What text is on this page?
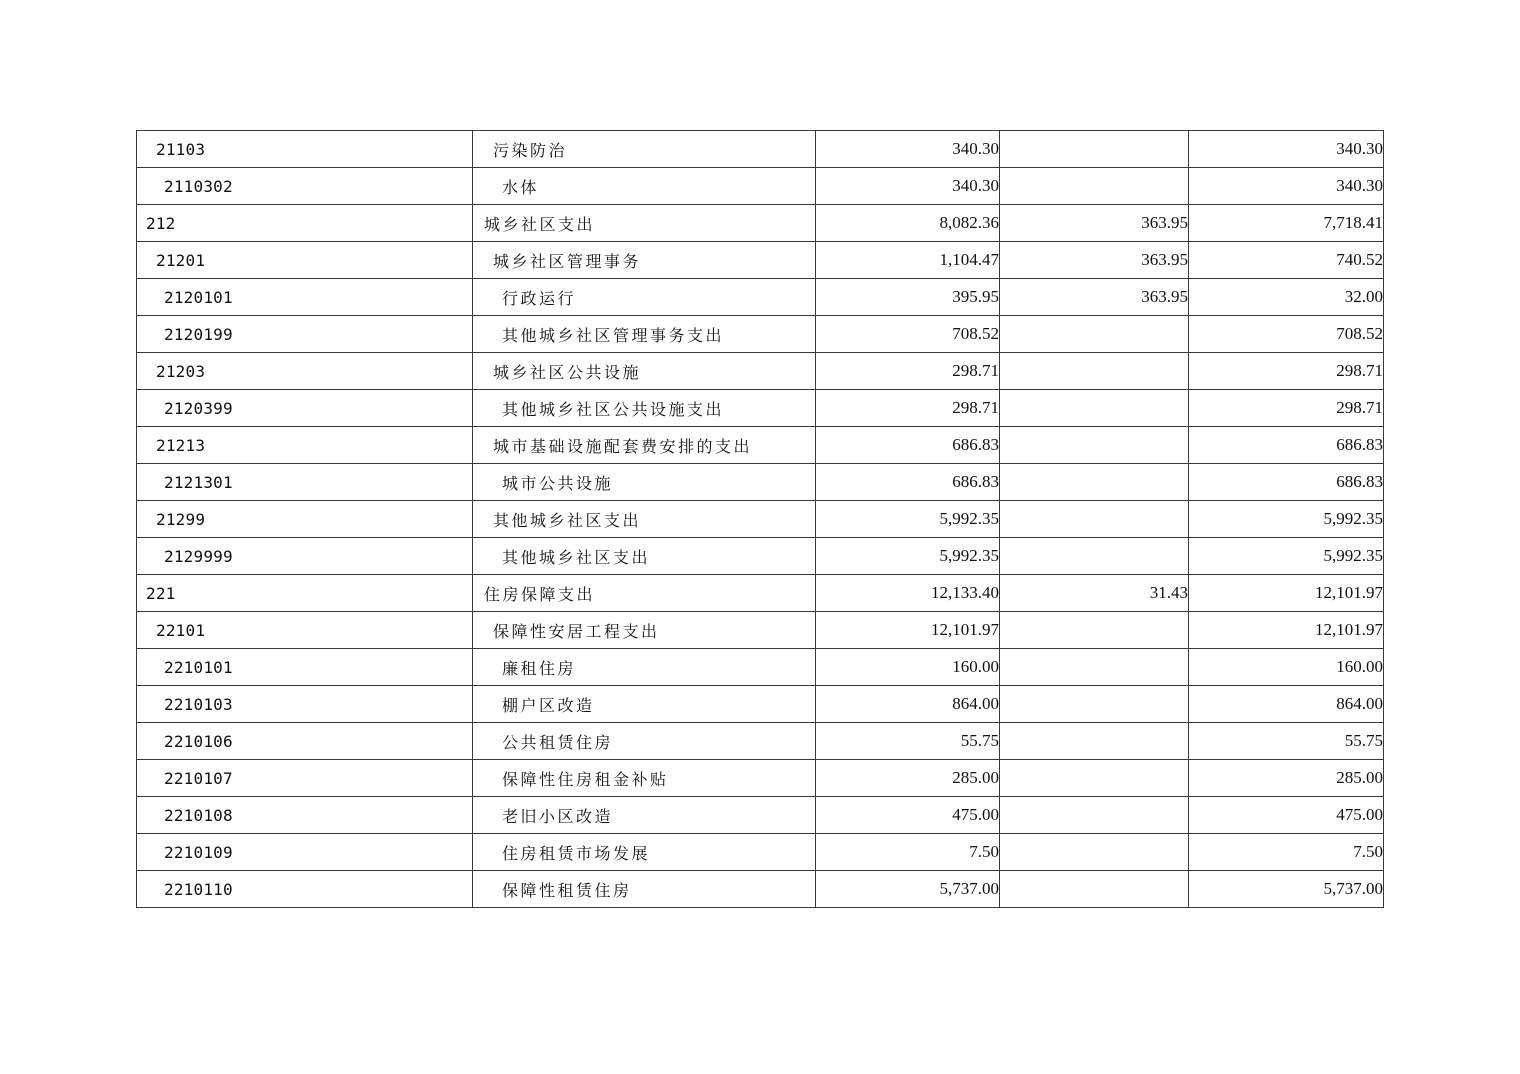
21103	污染防治	340.30		340.30
2110302	水体	340.30		340.30
212	城乡社区支出	8,082.36	363.95	7,718.41
21201	城乡社区管理事务	1,104.47	363.95	740.52
2120101	行政运行	395.95	363.95	32.00
2120199	其他城乡社区管理事务支出	708.52		708.52
21203	城乡社区公共设施	298.71		298.71
2120399	其他城乡社区公共设施支出	298.71		298.71
21213	城市基础设施配套费安排的支出	686.83		686.83
2121301	城市公共设施	686.83		686.83
21299	其他城乡社区支出	5,992.35		5,992.35
2129999	其他城乡社区支出	5,992.35		5,992.35
221	住房保障支出	12,133.40	31.43	12,101.97
22101	保障性安居工程支出	12,101.97		12,101.97
2210101	廉租住房	160.00		160.00
2210103	棚户区改造	864.00		864.00
2210106	公共租赁住房	55.75		55.75
2210107	保障性住房租金补贴	285.00		285.00
2210108	老旧小区改造	475.00		475.00
2210109	住房租赁市场发展	7.50		7.50
2210110	保障性租赁住房	5,737.00		5,737.00
